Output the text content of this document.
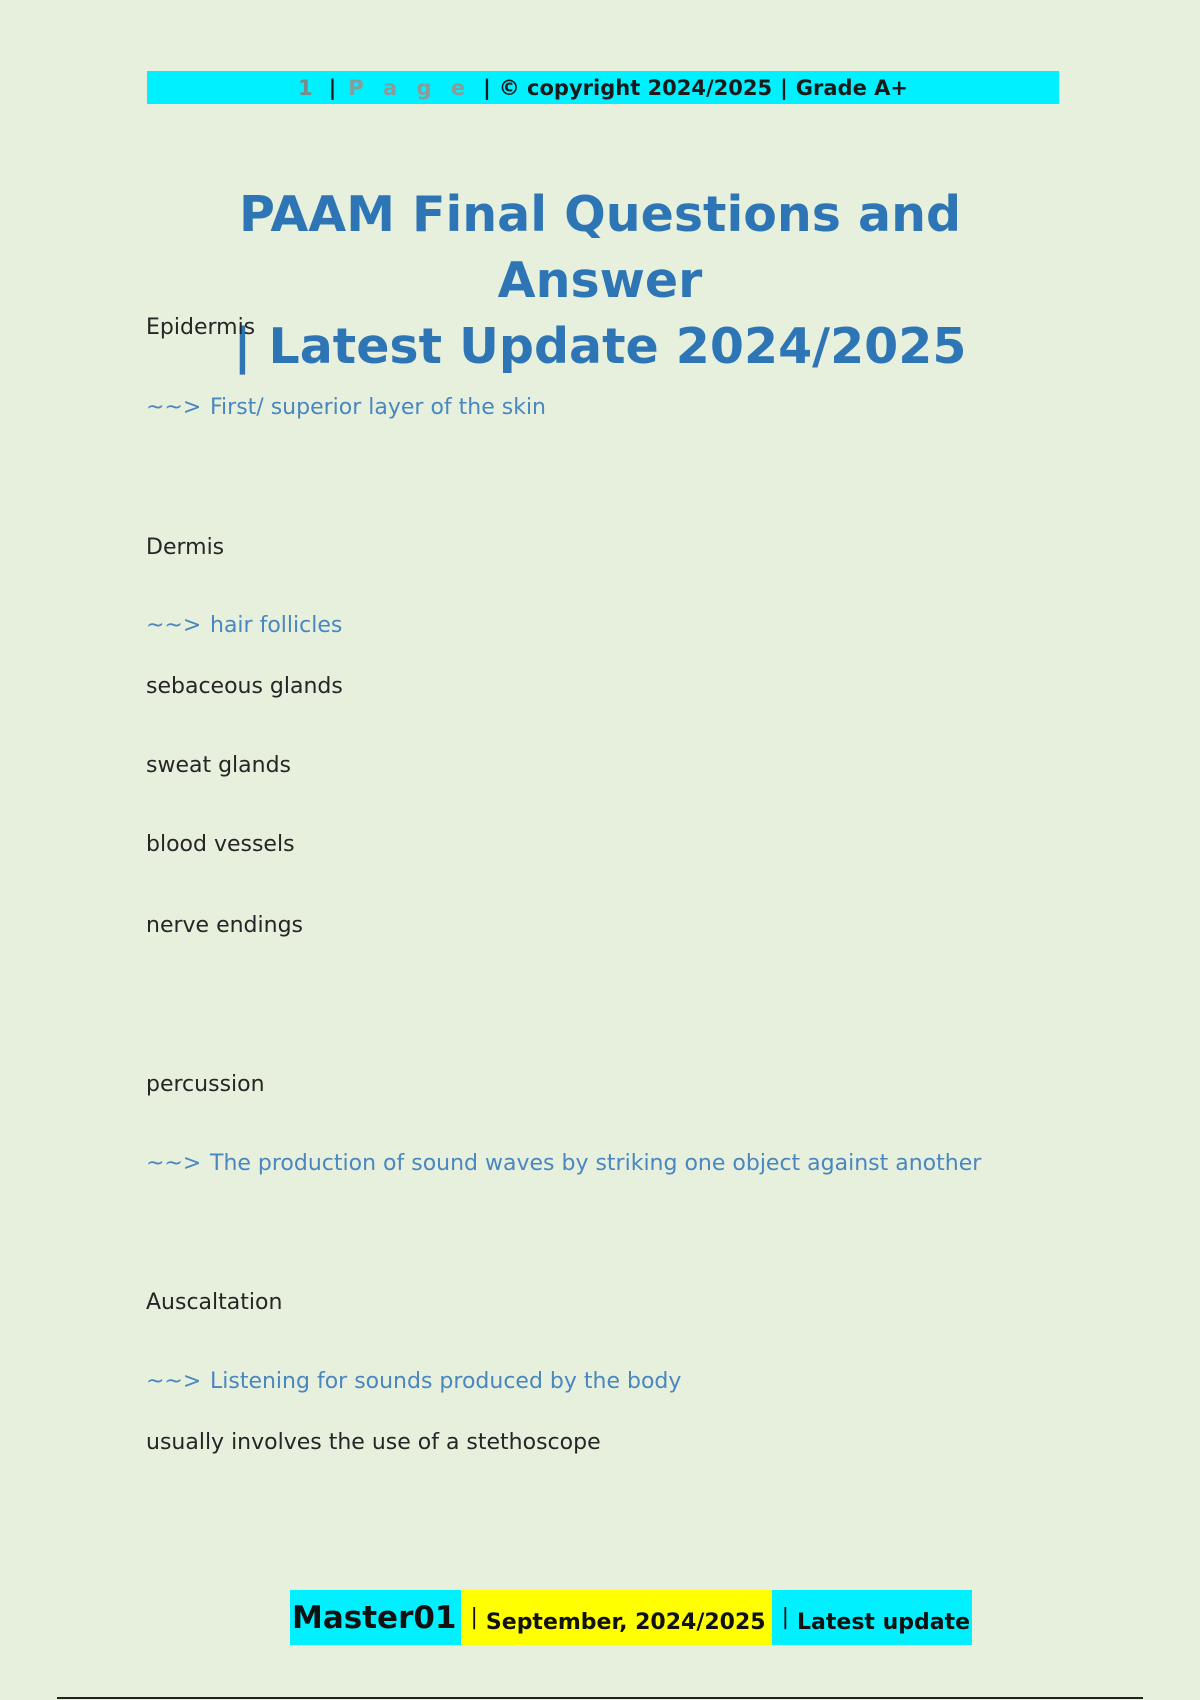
1 | P a g e | © copyright 2024/2025 | Grade A+
PAAM Final Questions and Answer
| Latest Update 2024/2025
Epidermis
~~> First/ superior layer of the skin
Dermis
~~> hair follicles
sebaceous glands
sweat glands
blood vessels
nerve endings
percussion
~~> The production of sound waves by striking one object against another
Auscaltation
~~> Listening for sounds produced by the body
usually involves the use of a stethoscope
Master01 | September, 2024/2025 | Latest update
